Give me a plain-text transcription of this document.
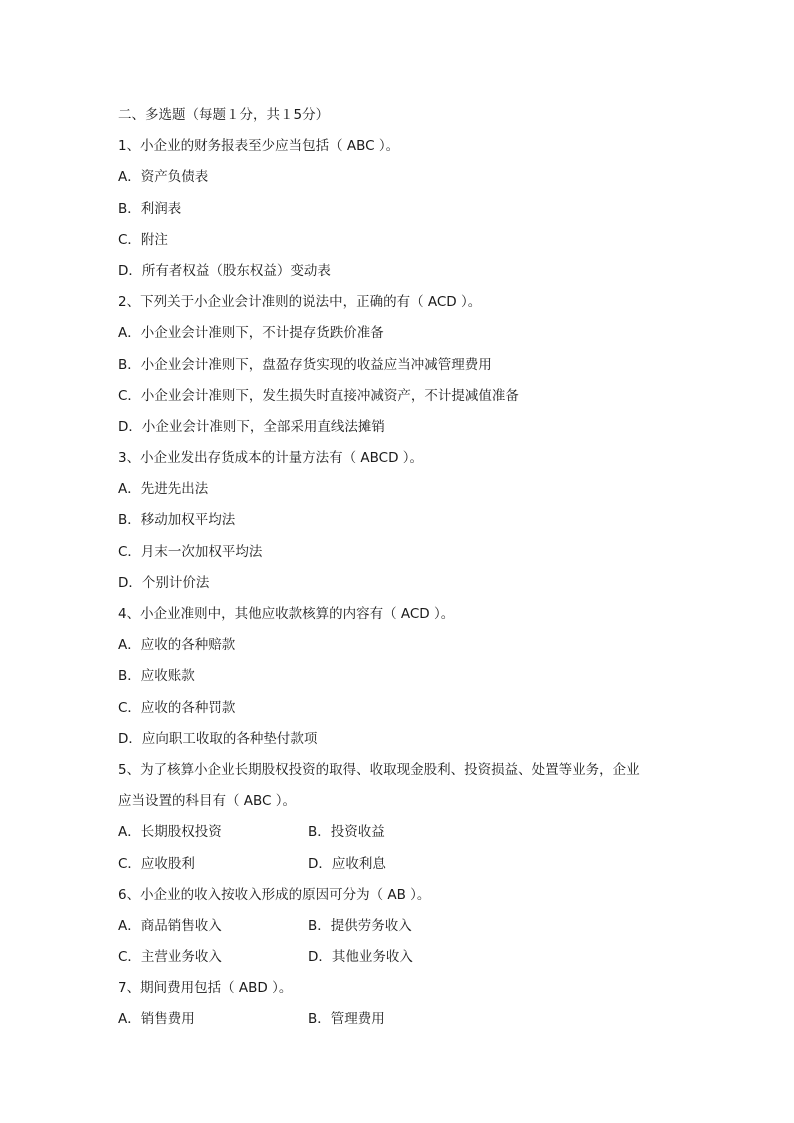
二、多选题（每题１分，共１5分）
1、小企业的财务报表至少应当包括（ ABC ）。
A．资产负债表
B．利润表
C．附注
D．所有者权益（股东权益）变动表
2、下列关于小企业会计准则的说法中，正确的有（ ACD ）。
A．小企业会计准则下，不计提存货跌价准备
B．小企业会计准则下，盘盈存货实现的收益应当冲减管理费用
C．小企业会计准则下，发生损失时直接冲减资产，不计提减值准备
D．小企业会计准则下，全部采用直线法摊销
3、小企业发出存货成本的计量方法有（ ABCD ）。
A．先进先出法
B．移动加权平均法
C．月末一次加权平均法
D．个别计价法
4、小企业准则中，其他应收款核算的内容有（ ACD ）。
A．应收的各种赔款
B．应收账款
C．应收的各种罚款
D．应向职工收取的各种垫付款项
5、为了核算小企业长期股权投资的取得、收取现金股利、投资损益、处置等业务，企业
应当设置的科目有（ ABC ）。
A．长期股权投资	B．投资收益
C．应收股利	D．应收利息
6、小企业的收入按收入形成的原因可分为（ AB ）。
A．商品销售收入	B．提供劳务收入
C．主营业务收入	D．其他业务收入
7、期间费用包括（ ABD ）。
A．销售费用	B．管理费用
